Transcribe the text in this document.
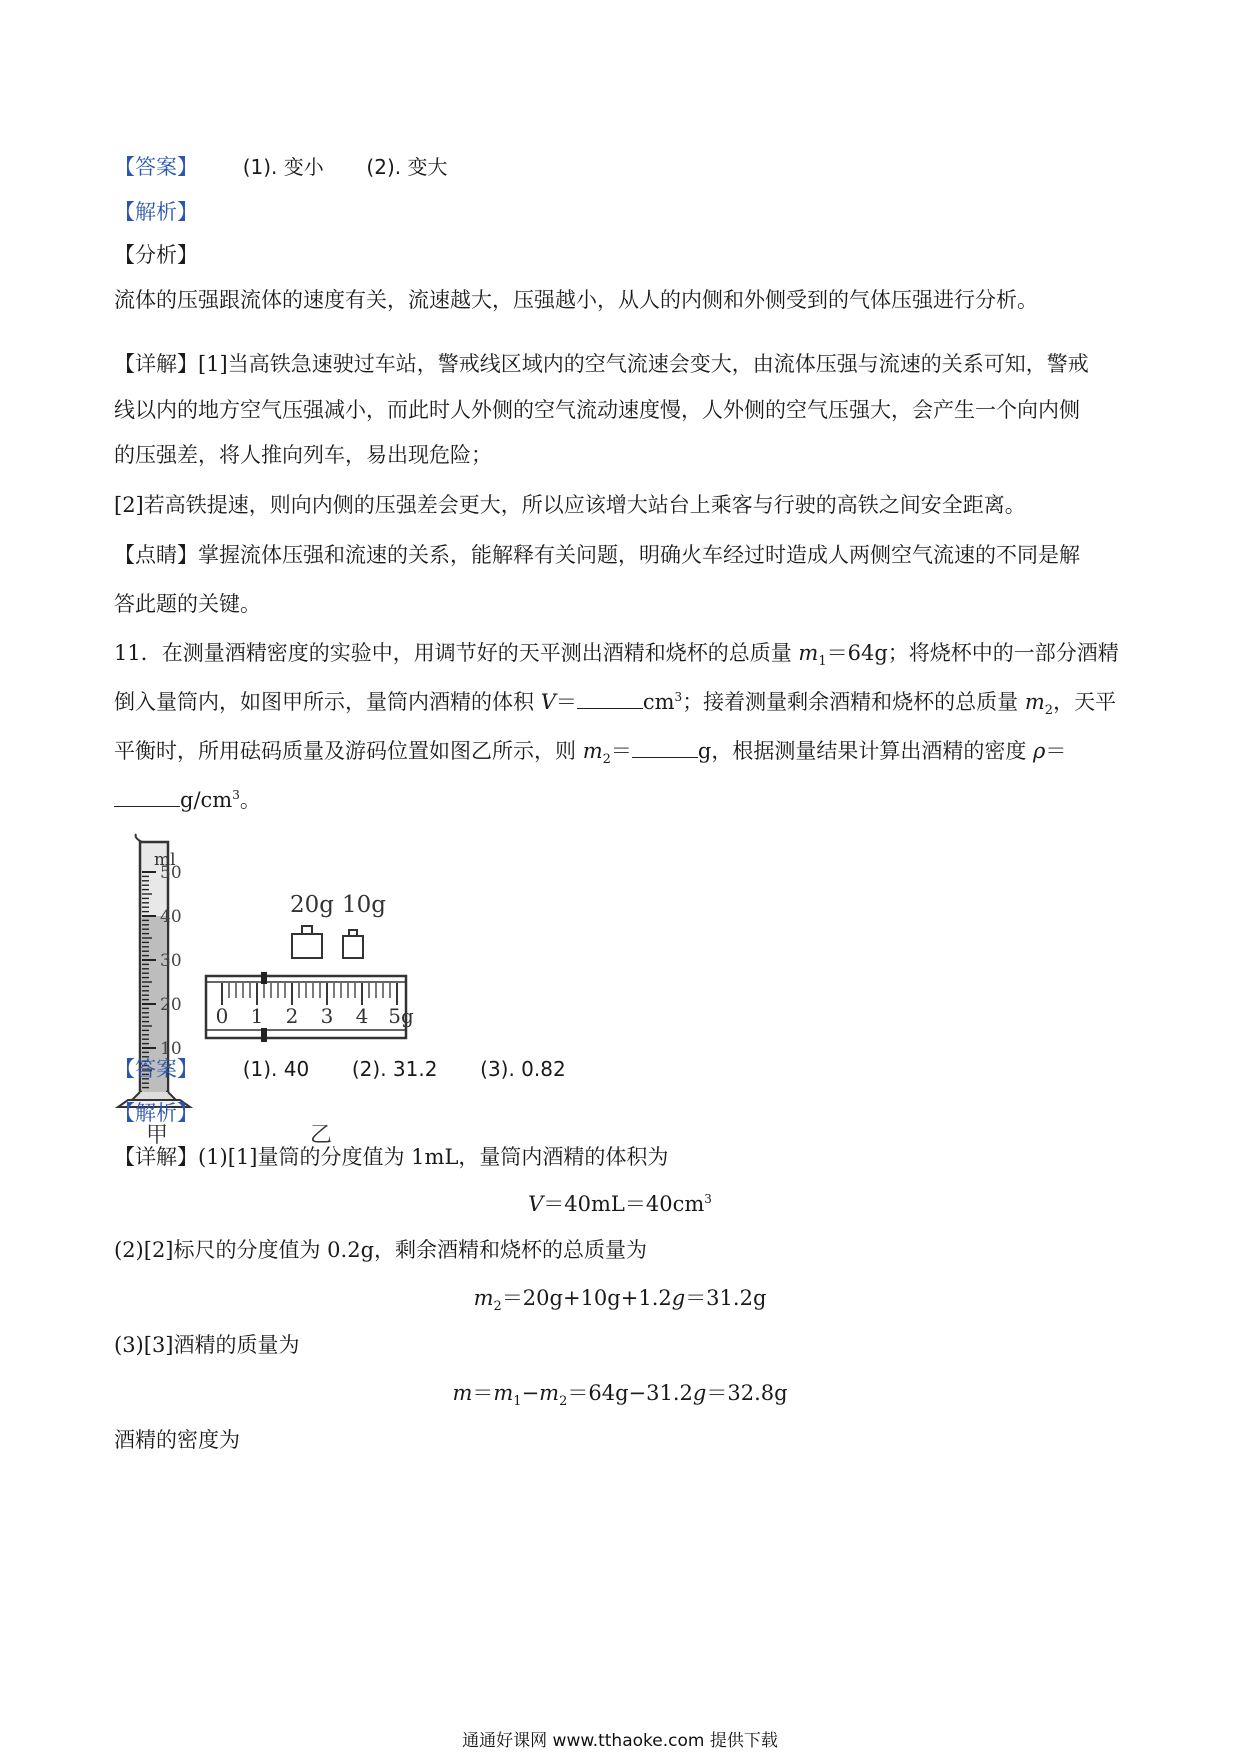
【答案】 (1). 变小 (2). 变大
【解析】
【分析】
流体的压强跟流体的速度有关，流速越大，压强越小，从人的内侧和外侧受到的气体压强进行分析。
【详解】[1]当高铁急速驶过车站，警戒线区域内的空气流速会变大，由流体压强与流速的关系可知，警戒
线以内的地方空气压强减小，而此时人外侧的空气流动速度慢，人外侧的空气压强大，会产生一个向内侧
的压强差，将人推向列车，易出现危险；
[2]若高铁提速，则向内侧的压强差会更大，所以应该增大站台上乘客与行驶的高铁之间安全距离。
【点睛】掌握流体压强和流速的关系，能解释有关问题，明确火车经过时造成人两侧空气流速的不同是解
答此题的关键。
11．在测量酒精密度的实验中，用调节好的天平测出酒精和烧杯的总质量 $m_1=64g$；将烧杯中的一部分酒精
倒入量筒内，如图甲所示，量筒内酒精的体积 V＝	$cm^3$；接着测量剩余酒精和烧杯的总质量 $m_2$，天平
平衡时，所用砝码质量及游码位置如图乙所示，则 $m_2=$	g，根据测量结果计算出酒精的密度 ρ＝
$g/cm^3$。
ml
50
40
30
20
10
甲
20g 10g
0 1 2 3 4 5g
乙
【答案】 (1). 40 (2). 31.2 (3). 0.82
【解析】
【详解】(1)[1]量筒的分度值为 1mL，量筒内酒精的体积为
$V=40mL=40cm^3$
(2)[2]标尺的分度值为 0.2g，剩余酒精和烧杯的总质量为
$m_2=20g+10g+1.2g=31.2g$
(3)[3]酒精的质量为
$m=m_1-m_2=64g-31.2g=32.8g$
酒精的密度为
通通好课网 www.tthaoke.com 提供下载
